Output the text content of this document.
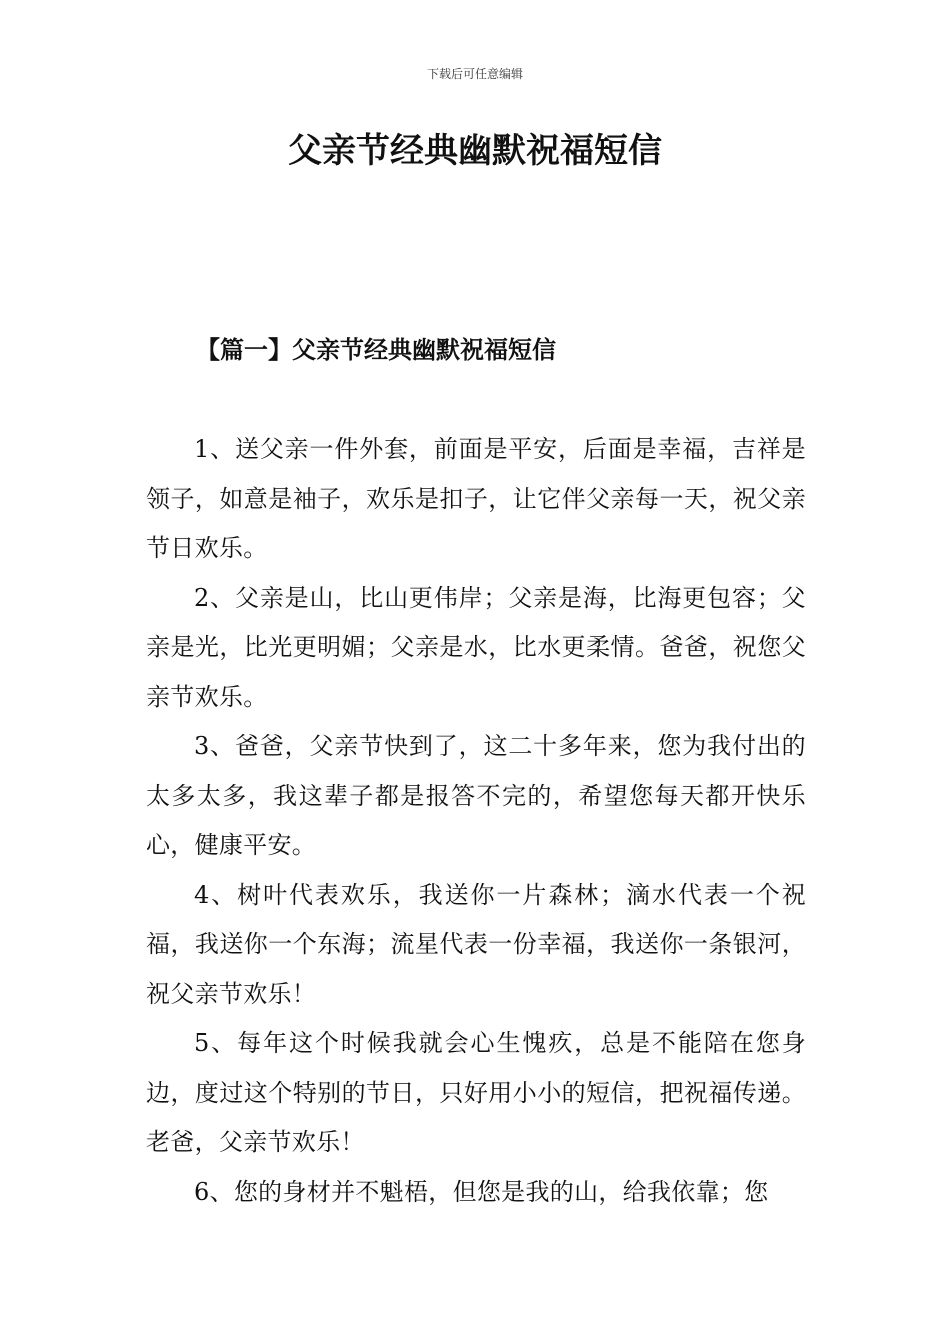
下载后可任意编辑
父亲节经典幽默祝福短信
【篇一】父亲节经典幽默祝福短信

1、送父亲一件外套，前面是平安，后面是幸福，吉祥是领子，如意是袖子，欢乐是扣子，让它伴父亲每一天，祝父亲节日欢乐。

2、父亲是山，比山更伟岸；父亲是海，比海更包容；父亲是光，比光更明媚；父亲是水，比水更柔情。爸爸，祝您父亲节欢乐。

3、爸爸，父亲节快到了，这二十多年来，您为我付出的太多太多，我这辈子都是报答不完的，希望您每天都开快乐心，健康平安。

4、树叶代表欢乐，我送你一片森林；滴水代表一个祝福，我送你一个东海；流星代表一份幸福，我送你一条银河，祝父亲节欢乐！

5、每年这个时候我就会心生愧疚，总是不能陪在您身边，度过这个特别的节日，只好用小小的短信，把祝福传递。老爸，父亲节欢乐！

6、您的身材并不魁梧，但您是我的山，给我依靠；您
